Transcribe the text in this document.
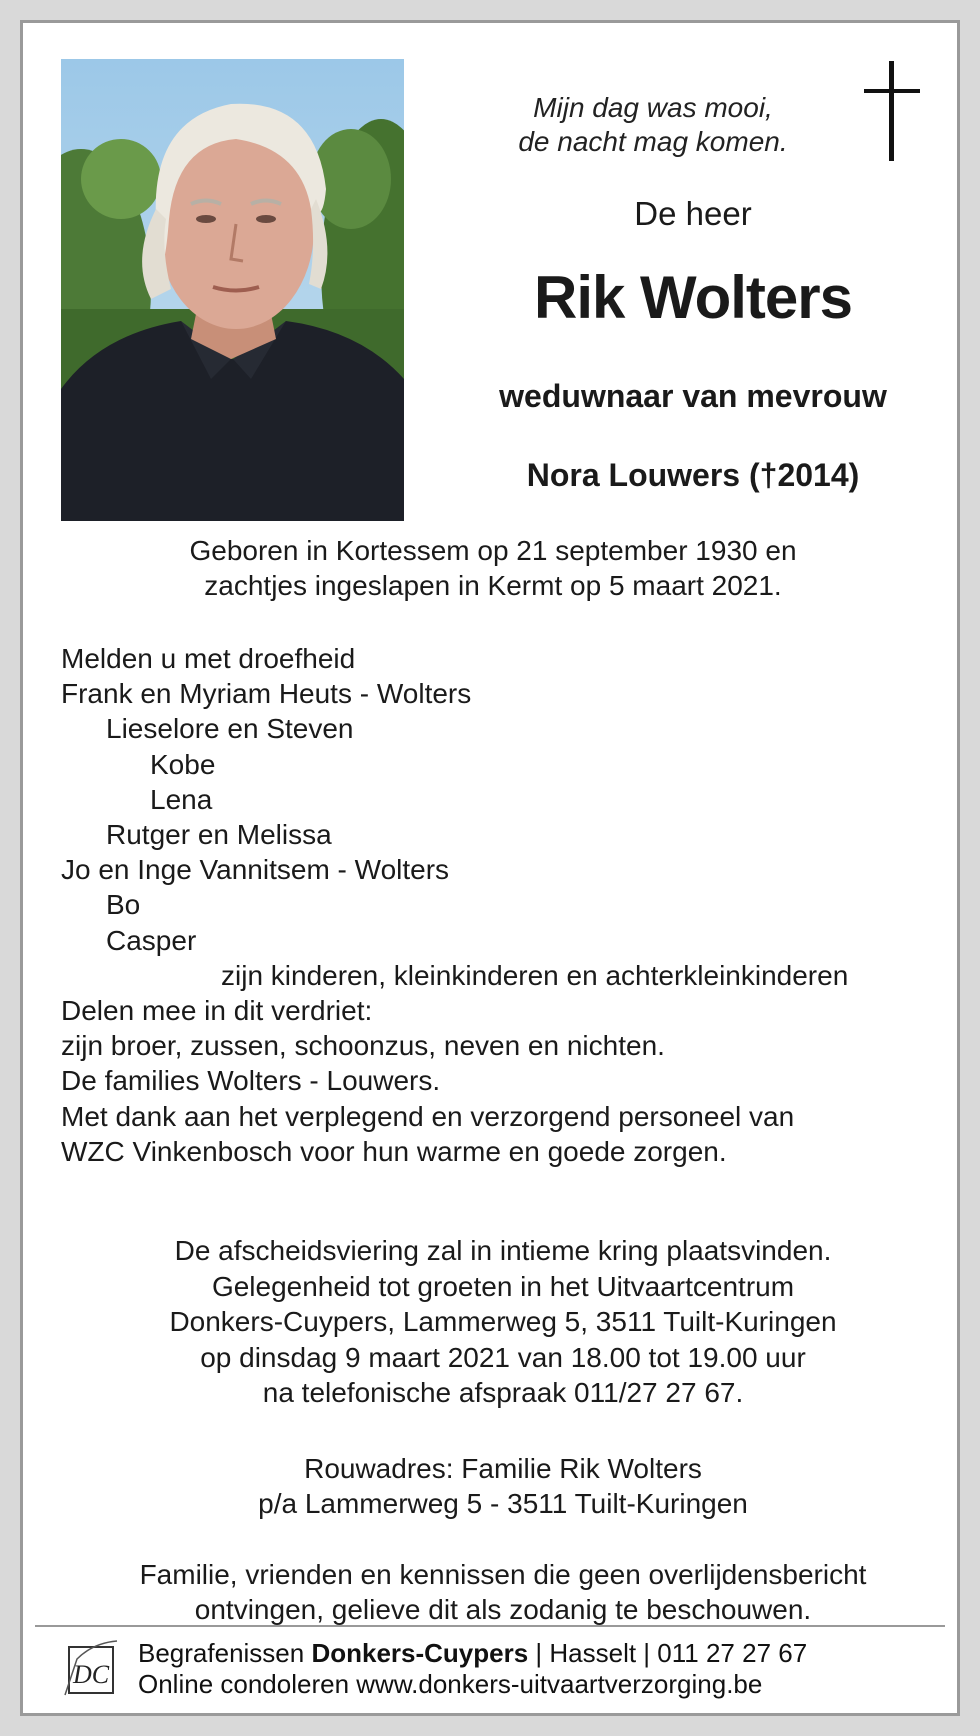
Mijn dag was mooi,
de nacht mag komen.
De heer
Rik Wolters
weduwnaar van mevrouw
Nora Louwers (†2014)
Geboren in Kortessem op 21 september 1930 en
zachtjes ingeslapen in Kermt op 5 maart 2021.
Melden u met droefheid
Frank en Myriam Heuts - Wolters
Lieselore en Steven
Kobe
Lena
Rutger en Melissa
Jo en Inge Vannitsem - Wolters
Bo
Casper
zijn kinderen, kleinkinderen en achterkleinkinderen
Delen mee in dit verdriet:
zijn broer, zussen, schoonzus, neven en nichten.
De families Wolters - Louwers.
Met dank aan het verplegend en verzorgend personeel van
WZC Vinkenbosch voor hun warme en goede zorgen.
De afscheidsviering zal in intieme kring plaatsvinden.
Gelegenheid tot groeten in het Uitvaartcentrum
Donkers-Cuypers, Lammerweg 5, 3511 Tuilt-Kuringen
op dinsdag 9 maart 2021 van 18.00 tot 19.00 uur
na telefonische afspraak 011/27 27 67.
Rouwadres: Familie Rik Wolters
p/a Lammerweg 5 - 3511 Tuilt-Kuringen
Familie, vrienden en kennissen die geen overlijdensbericht
ontvingen, gelieve dit als zodanig te beschouwen.
DC
Begrafenissen Donkers-Cuypers | Hasselt | 011 27 27 67
Online condoleren www.donkers-uitvaartverzorging.be
